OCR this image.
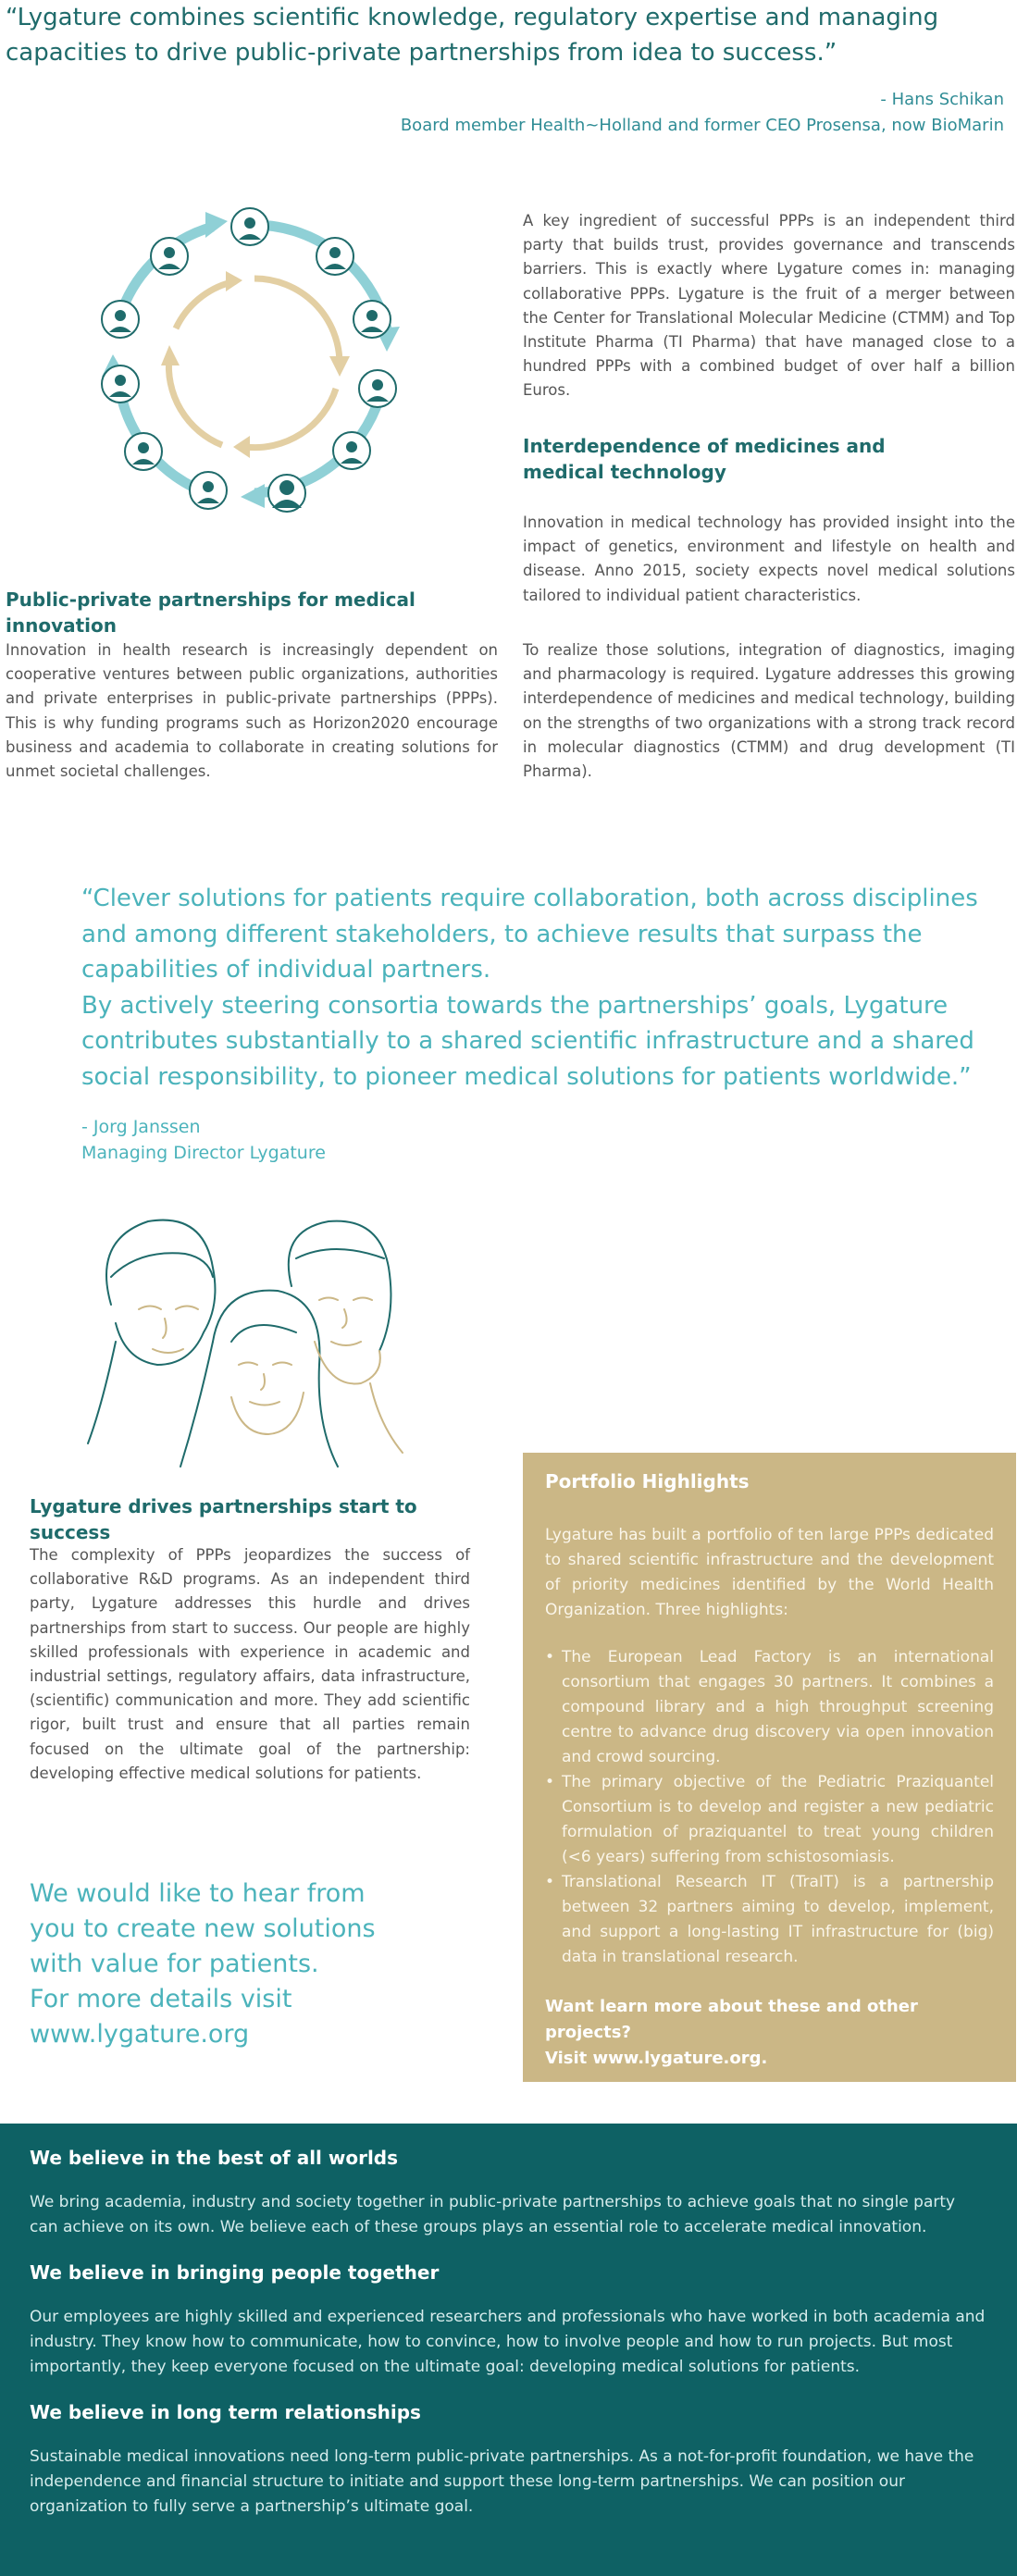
“Lygature combines scientific knowledge, regulatory expertise and managing capacities to drive public-private partnerships from idea to success.”
- Hans Schikan
Board member Health~Holland and former CEO Prosensa, now BioMarin
Public-private partnerships for medical innovation
Innovation in health research is increasingly dependent on cooperative ventures between public organizations, authorities and private enterprises in public-private partnerships (PPPs). This is why funding programs such as Horizon2020 encourage business and academia to collaborate in creating solutions for unmet societal challenges.
A key ingredient of successful PPPs is an independent third party that builds trust, provides governance and transcends barriers. This is exactly where Lygature comes in: managing collaborative PPPs. Lygature is the fruit of a merger between the Center for Translational Molecular Medicine (CTMM) and Top Institute Pharma (TI Pharma) that have managed close to a hundred PPPs with a combined budget of over half a billion Euros.
Interdependence of medicines and medical technology
Innovation in medical technology has provided insight into the impact of genetics, environment and lifestyle on health and disease. Anno 2015, society expects novel medical solutions tailored to individual patient characteristics.
To realize those solutions, integration of diagnostics, imaging and pharmacology is required. Lygature addresses this growing interdependence of medicines and medical technology, building on the strengths of two organizations with a strong track record in molecular diagnostics (CTMM) and drug development (TI Pharma).
“Clever solutions for patients require collaboration, both across disciplines and among different stakeholders, to achieve results that surpass the capabilities of individual partners.
By actively steering consortia towards the partnerships’ goals, Lygature contributes substantially to a shared scientific infrastructure and a shared social responsibility, to pioneer medical solutions for patients worldwide.”
- Jorg Janssen
Managing Director Lygature
Lygature drives partnerships start to success
The complexity of PPPs jeopardizes the success of collaborative R&D programs. As an independent third party, Lygature addresses this hurdle and drives partnerships from start to success. Our people are highly skilled professionals with experience in academic and industrial settings, regulatory affairs, data infrastructure, (scientific) communication and more. They add scientific rigor, built trust and ensure that all parties remain focused on the ultimate goal of the partnership: developing effective medical solutions for patients.
We would like to hear from you to create new solutions with value for patients.
For more details visit www.lygature.org
Portfolio Highlights

Lygature has built a portfolio of ten large PPPs dedicated to shared scientific infrastructure and the development of priority medicines identified by the World Health Organization. Three highlights:

• The European Lead Factory is an international consortium that engages 30 partners. It combines a compound library and a high throughput screening centre to advance drug discovery via open innovation and crowd sourcing.
• The primary objective of the Pediatric Praziquantel Consortium is to develop and register a new pediatric formulation of praziquantel to treat young children (<6 years) suffering from schistosomiasis.
• Translational Research IT (TraIT) is a partnership between 32 partners aiming to develop, implement, and support a long-lasting IT infrastructure for (big) data in translational research.
Want learn more about these and other projects?
Visit www.lygature.org.
We believe in the best of all worlds

We bring academia, industry and society together in public-private partnerships to achieve goals that no single party can achieve on its own. We believe each of these groups plays an essential role to accelerate medical innovation.

We believe in bringing people together

Our employees are highly skilled and experienced researchers and professionals who have worked in both academia and industry. They know how to communicate, how to convince, how to involve people and how to run projects. But most importantly, they keep everyone focused on the ultimate goal: developing medical solutions for patients.

We believe in long term relationships

Sustainable medical innovations need long-term public-private partnerships. As a not-for-profit foundation, we have the independence and financial structure to initiate and support these long-term partnerships. We can position our organization to fully serve a partnership’s ultimate goal.
